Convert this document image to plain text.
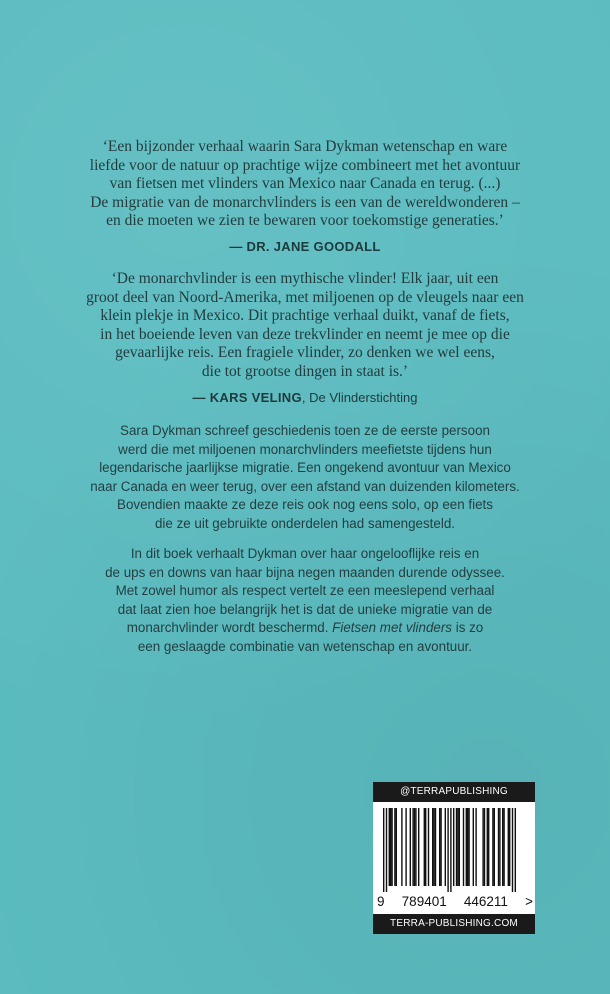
‘Een bijzonder verhaal waarin Sara Dykman wetenschap en ware
liefde voor de natuur op prachtige wijze combineert met het avontuur
van fietsen met vlinders van Mexico naar Canada en terug. (...)
De migratie van de monarchvlinders is een van de wereldwonderen –
en die moeten we zien te bewaren voor toekomstige generaties.’
— DR. JANE GOODALL
‘De monarchvlinder is een mythische vlinder! Elk jaar, uit een
groot deel van Noord-Amerika, met miljoenen op de vleugels naar een
klein plekje in Mexico. Dit prachtige verhaal duikt, vanaf de fiets,
in het boeiende leven van deze trekvlinder en neemt je mee op die
gevaarlijke reis. Een fragiele vlinder, zo denken we wel eens,
die tot grootse dingen in staat is.’
— KARS VELING, De Vlinderstichting
Sara Dykman schreef geschiedenis toen ze de eerste persoon
werd die met miljoenen monarchvlinders meefietste tijdens hun
legendarische jaarlijkse migratie. Een ongekend avontuur van Mexico
naar Canada en weer terug, over een afstand van duizenden kilometers.
Bovendien maakte ze deze reis ook nog eens solo, op een fiets
die ze uit gebruikte onderdelen had samengesteld.
In dit boek verhaalt Dykman over haar ongelooflijke reis en
de ups en downs van haar bijna negen maanden durende odyssee.
Met zowel humor als respect vertelt ze een meeslepend verhaal
dat laat zien hoe belangrijk het is dat de unieke migratie van de
monarchvlinder wordt beschermd. Fietsen met vlinders is zo
een geslaagde combinatie van wetenschap en avontuur.
@TERRAPUBLISHING
9 789401 446211 >
TERRA-PUBLISHING.COM
